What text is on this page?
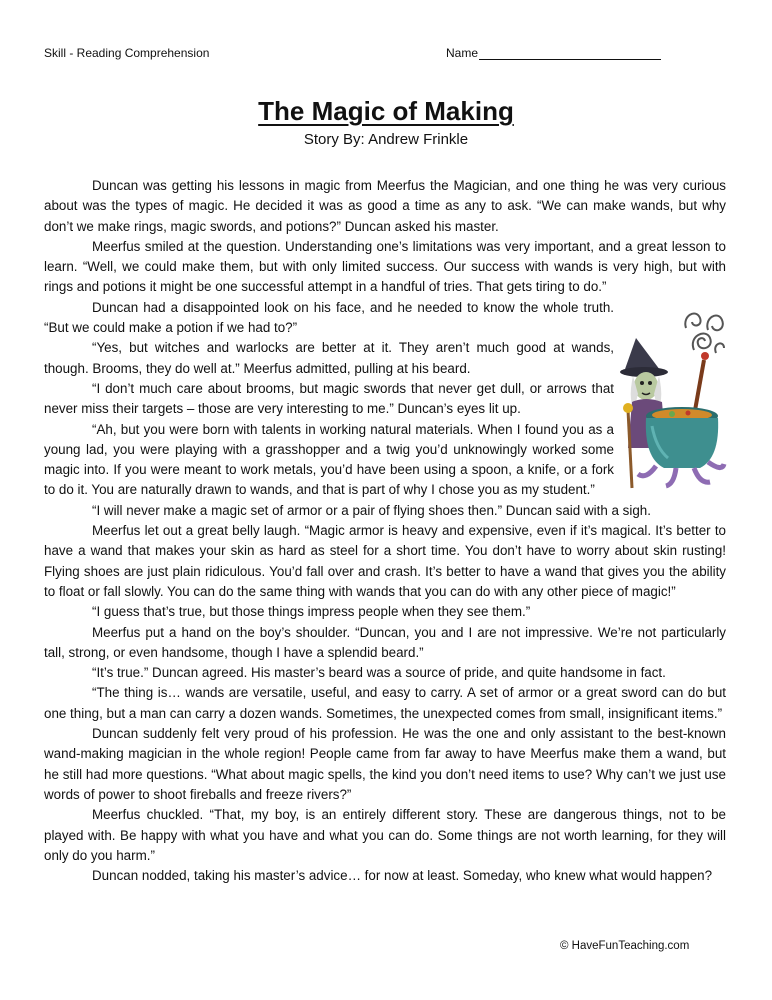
Skill - Reading Comprehension	Name
The Magic of Making
Story By: Andrew Frinkle

Duncan was getting his lessons in magic from Meerfus the Magician, and one thing he was very curious about was the types of magic. He decided it was as good a time as any to ask. “We can make wands, but why don’t we make rings, magic swords, and potions?” Duncan asked his master.

Meerfus smiled at the question. Understanding one’s limitations was very important, and a great lesson to learn. “Well, we could make them, but with only limited success. Our success with wands is very high, but with rings and potions it might be one successful attempt in a handful of tries. That gets tiring to do.”

Duncan had a disappointed look on his face, and he needed to know the whole truth. “But we could make a potion if we had to?”

“Yes, but witches and warlocks are better at it. They aren’t much good at wands, though. Brooms, they do well at.” Meerfus admitted, pulling at his beard.

“I don’t much care about brooms, but magic swords that never get dull, or arrows that never miss their targets – those are very interesting to me.” Duncan’s eyes lit up.

“Ah, but you were born with talents in working natural materials. When I found you as a young lad, you were playing with a grasshopper and a twig you’d unknowingly worked some magic into. If you were meant to work metals, you’d have been using a spoon, a knife, or a fork to do it. You are naturally drawn to wands, and that is part of why I chose you as my student.”

“I will never make a magic set of armor or a pair of flying shoes then.” Duncan said with a sigh.

Meerfus let out a great belly laugh. “Magic armor is heavy and expensive, even if it’s magical. It’s better to have a wand that makes your skin as hard as steel for a short time. You don’t have to worry about skin rusting! Flying shoes are just plain ridiculous. You’d fall over and crash. It’s better to have a wand that gives you the ability to float or fall slowly. You can do the same thing with wands that you can do with any other piece of magic!”

“I guess that’s true, but those things impress people when they see them.”

Meerfus put a hand on the boy’s shoulder. “Duncan, you and I are not impressive. We’re not particularly tall, strong, or even handsome, though I have a splendid beard.”

“It’s true.” Duncan agreed. His master’s beard was a source of pride, and quite handsome in fact.

“The thing is… wands are versatile, useful, and easy to carry. A set of armor or a great sword can do but one thing, but a man can carry a dozen wands. Sometimes, the unexpected comes from small, insignificant items.”

Duncan suddenly felt very proud of his profession. He was the one and only assistant to the best-known wand-making magician in the whole region! People came from far away to have Meerfus make them a wand, but he still had more questions. “What about magic spells, the kind you don’t need items to use? Why can’t we just use words of power to shoot fireballs and freeze rivers?”

Meerfus chuckled. “That, my boy, is an entirely different story. These are dangerous things, not to be played with. Be happy with what you have and what you can do. Some things are not worth learning, for they will only do you harm.”

Duncan nodded, taking his master’s advice… for now at least. Someday, who knew what would happen?

© HaveFunTeaching.com
